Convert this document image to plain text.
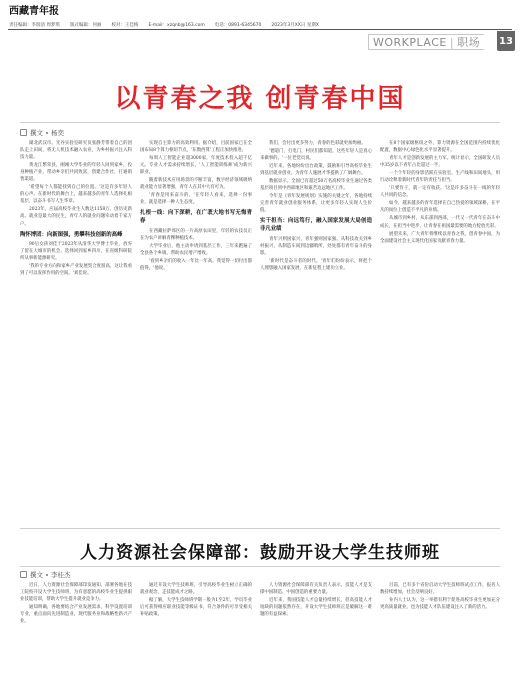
西藏青年报
责任编辑：李瑞清 周梦琪 版式编辑：何丽 校对：王佳梅 E-mail：xzqnb@163.com 电话：0891-6345670 2023年3月XX日 星期X
WORKPLACE | 职场 13
以青春之我 创青春中国
撰文 杨奕

湖北武汉市。光谷实验室研究员张静芳带着自己的团队走上田间，将无人机技术融入农业，为乡村振兴注入科技力量。

黄龙江繁荣县，刚刚大学毕业的年轻人回到家乡，投身种植产业，带动乡亲们共同致富，创建合作社，打通销售渠道。

'希望每个人都能找到自己的位置。'这是许多年轻人的心声。在新时代的舞台上，越来越多的青年人选择扎根基层，以奋斗书写人生华章。

2023年，应届高校毕业生人数达1158万，创历史新高。就业是最大的民生，青年人的就业问题牵动着千家万户。

陶怀博团：向新图强，勇攀科技创新的高峰

90后女孩刘佳于2023年从清华大学博士毕业，放弃了留在大城市的机会，选择回到家乡四川，在省级科研院所从事新能源研究。

'我的专业方向和家乡产业发展契合度很高，这让我看到了可以发挥作用的空间。'刘佳说。

实现自主算力的高效利用。据介绍，目前国家已在全国布局8个算力枢纽节点，'东数西算'工程正加快推进。

每周人工智能企业超3000家，年度技术投入超千亿元。专业人才需求持续增长，'人工智能训练师'成为新兴职业。

随着新技术应用场景的不断丰富，数字经济领域吸纳就业能力显著增强，青年人在其中大有可为。

'青春是用来奋斗的。'在年轻人看来，选择一份事业，就是选择一种人生态度。

扎根一线：向下深耕，在广袤大地书写无悔青春

在西藏拉萨郊区的一片高原农田里，年轻的农技员正在为农户讲解青稞种植技术。

大学毕业后，他主动申请到基层工作，三年来跑遍了全县各个乡镇，帮助农民增产增收。

'看到乡亲们的收入一年比一年高，我觉得一切付出都值得。'他说。

我们，会付出更多努力，青春的色彩就更加绚丽。

'德道门，打电门，村民们都知道，这些年轻人是真心来做事的。'一位老党员说。

近年来，各地纷纷出台政策，鼓励和引导高校毕业生到基层就业创业，为青年人施展才华提供了广阔舞台。

数据显示，全国已有超过50万名高校毕业生通过各类基层项目到中西部地区和艰苦边远地区工作。

今年是《青年发展规划》实施的关键之年，各地持续完善青年就业创业服务体系，让更多年轻人实现人生价值。

实干担当：向远笃行，融入国家发展大局创造非凡业绩

青年兴则国家兴，青年强则国家强。从科技攻关到乡村振兴，从制造车间到边疆哨所，处处都有青年奋斗的身影。

'新时代是奋斗者的时代。'青年们纷纷表示，将把个人理想融入国家发展，在新征程上建功立业。

在8个国家级枢纽之外，算力资源在全国范围内持续优化配置，数据中心绿色化水平显著提升。

青年人才是创新发展的主力军。统计显示，全国研发人员中35岁以下青年占比超过一半。

一个个年轻的身影活跃在实验室、生产线和田间地头，用行动诠释着新时代青年的责任与担当。

'只要肯干，就一定有收获。'这是许多奋斗在一线的年轻人共同的信念。

如今，越来越多的青年选择在自己热爱的领域深耕，在平凡的岗位上创造不平凡的业绩。

从城市到乡村，从东部到西部，一代又一代青年在奋斗中成长，在担当中进步，让青春在祖国最需要的地方绽放光彩。

展望未来，广大青年将继续以青春之我，创青春中国，为全面建设社会主义现代化国家贡献青春力量。

人力资源社会保障部：鼓励开设大学生技师班
撰文 李桂杰

近日，人力资源社会保障部印发通知，部署各地在技工院校开设大学生技师班，为有意愿的高校毕业生提供职业技能培训，帮助大学生提升就业竞争力。

通知明确，各地要结合产业发展需求，科学设置培训专业，重点面向先进制造业、现代服务业和战略性新兴产业。

通过开设大学生技师班，引导高校毕业生树立正确的就业观念，走技能成才之路。

据了解，大学生技师班学制一般为1至2年，学员毕业后可获得相应职业技能等级证书，符合条件的可享受相关补贴政策。

人力资源社会保障部有关负责人表示，技能人才是支撑中国制造、中国创造的重要力量。

近年来，我国技能人才总量持续增长，但高技能人才短缺的问题依然存在，开设大学生技师班正是破解这一难题的有益探索。

目前，已有多个省份启动大学生技师班试点工作，报名人数持续增加，社会反响良好。

业内人士认为，这一举措有利于促进高校毕业生更加充分更高质量就业，也为技能人才队伍建设注入了新的活力。
